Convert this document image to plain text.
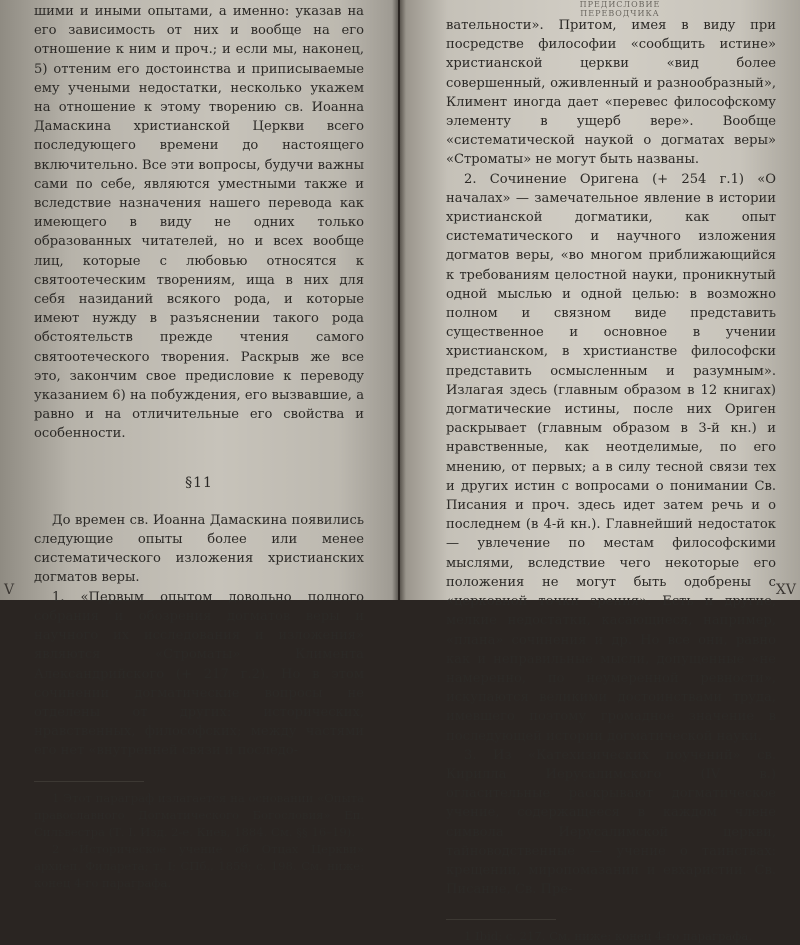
шими и иными опытами, а именно: указав на его зависимость от них и вообще на его отношение к ним и проч.; и если мы, наконец, 5) оттеним его достоинства и приписываемые ему учеными недостатки, несколько укажем на отношение к этому творению св. Иоанна Дамаскина христианской Церкви всего последующего времени до настоящего включительно. Все эти вопросы, будучи важны сами по себе, являются уместными также и вследствие назначения нашего перевода как имеющего в виду не одних только образованных читателей, но и всех вообще лиц, которые с любовью относятся к святоотеческим творениям, ища в них для себя назиданий всякого рода, и которые имеют нужду в разъяснении такого рода обстоятельств прежде чтения самого святоотеческого творения. Раскрыв же все это, закончим свое предисловие к переводу указанием 6) на побуждения, его вызвавшие, а равно и на отличительные его свойства и особенности.

§11

До времен св. Иоанна Дамаскина появились следующие опыты более или менее систематического изложения христианских догматов веры.

1. «Первым опытом довольно полного собрания и обозрения догматов веры и научного их исследования и изложения» являются «Строматы» Климента Александрийского (+ 217 г.2). Но в этом сочинении догматические вопросы не отделены от других: исторических, нравственных, философских; между частями его нет «внутренней связи и последо-

1 Этот параграф излагается на основании «Опыта православного Догматического Богословия» Еп. Сильвестра (Т. I. Изд. 2-е. Киев, 1884. См. §§ 16–19).

2 «Историческое учение об Отцах Церкви» архиеп. Филарета; т. I; СПб., 1859; с. 198. См. ниже: конец 4-го параграфа.

V
ПРЕДИСЛОВИЕ ПЕРЕВОДЧИКА

вательности». Притом, имея в виду при посредстве философии «сообщить истине» христианской церкви «вид более совершенный, оживленный и разнообразный», Климент иногда дает «перевес философскому элементу в ущерб вере». Вообще «систематической наукой о догматах веры» «Строматы» не могут быть названы.

2. Сочинение Оригена (+ 254 г.1) «О началах» — замечательное явление в истории христианской догматики, как опыт систематического и научного изложения догматов веры, «во многом приближающийся к требованиям целостной науки, проникнутый одной мыслью и одной целью: в возможно полном и связном виде представить существенное и основное в учении христианском, в христианстве философски представить осмысленным и разумным». Излагая здесь (главным образом в 12 книгах) догматические истины, после них Ориген раскрывает (главным образом в 3-й кн.) и нравственные, как неотделимые, по его мнению, от первых; а в силу тесной связи тех и других истин с вопросами о понимании Св. Писания и проч. здесь идет затем речь и о последнем (в 4-й кн.). Главнейший недостаток — увлечение по местам философскими мыслями, вследствие чего некоторые его положения не могут быть одобрены с «церковной точки зрения». Есть и другие, мелкие недостатки, касающиеся, например, «плана» сочинения и др. Но все они, равно как и неправильные мысли, допущенные «не намеренно, по неумеренной ревности», искупаются великими достоинствами труда, имевшего поэтому громадное значение в последующей истории догматической науки.

3. Из «Катехизических поучений» св. Кирилла Иерусалимского (IV в.) огласительные раскрывают догматическое учение, содержащееся в каждом члене символа Иерусалимской церкви, тайноводственные — учение о таинствах: крещении, миропомазании и евхаристии. Св. Писание, Св. Пре-

1 Ibid; с. 217. См. ниже: конец 4-го параграфа.

XV
